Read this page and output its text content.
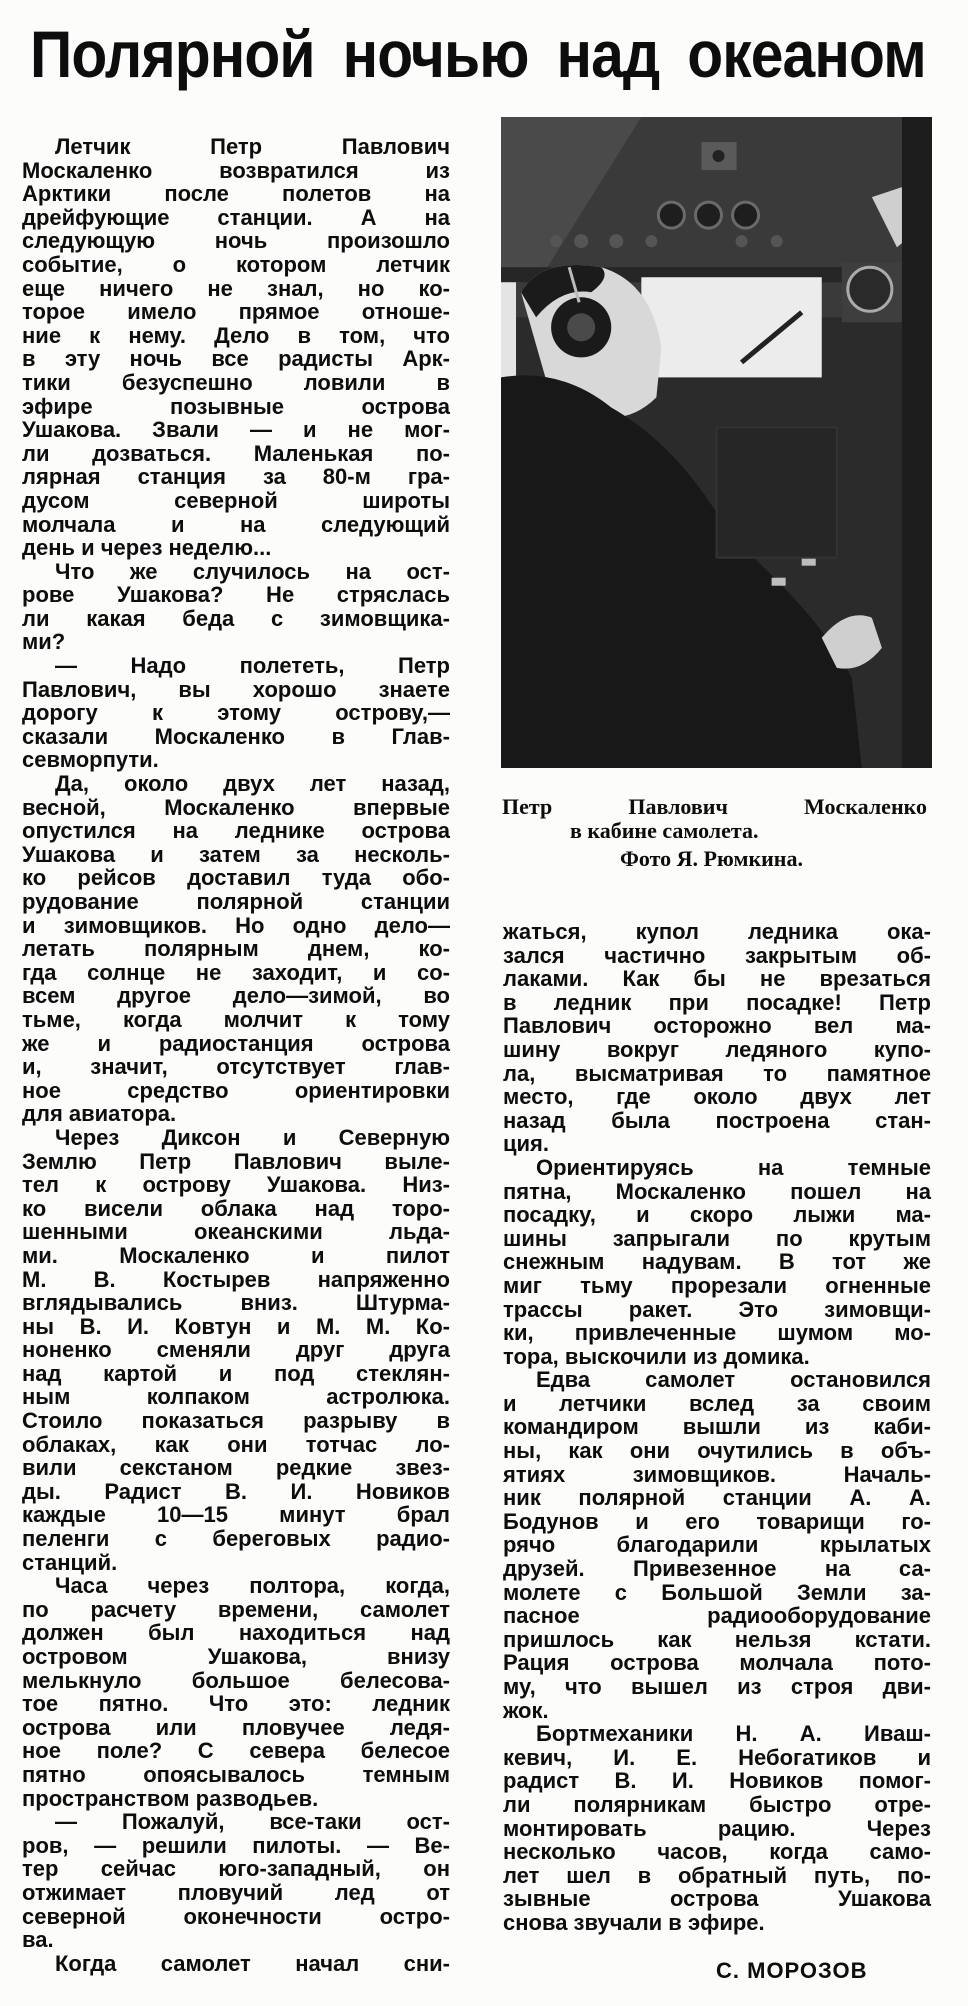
Полярной ночью над океаном
Летчик Петр Павлович
Москаленко возвратился из
Арктики после полетов на
дрейфующие станции. А на
следующую ночь произошло
событие, о котором летчик
еще ничего не знал, но ко-
торое имело прямое отноше-
ние к нему. Дело в том, что
в эту ночь все радисты Арк-
тики безуспешно ловили в
эфире позывные острова
Ушакова. Звали — и не мог-
ли дозваться. Маленькая по-
лярная станция за 80-м гра-
дусом северной широты
молчала и на следующий
день и через неделю...
Что же случилось на ост-
рове Ушакова? Не стряслась
ли какая беда с зимовщика-
ми?
— Надо полететь, Петр
Павлович, вы хорошо знаете
дорогу к этому острову,—
сказали Москаленко в Глав-
севморпути.
Да, около двух лет назад,
весной, Москаленко впервые
опустился на леднике острова
Ушакова и затем за несколь-
ко рейсов доставил туда обо-
рудование полярной станции
и зимовщиков. Но одно дело—
летать полярным днем, ко-
гда солнце не заходит, и со-
всем другое дело—зимой, во
тьме, когда молчит к тому
же и радиостанция острова
и, значит, отсутствует глав-
ное средство ориентировки
для авиатора.
Через Диксон и Северную
Землю Петр Павлович выле-
тел к острову Ушакова. Низ-
ко висели облака над торо-
шенными океанскими льда-
ми. Москаленко и пилот
М. В. Костырев напряженно
вглядывались вниз. Штурма-
ны В. И. Ковтун и М. М. Ко-
ноненко сменяли друг друга
над картой и под стеклян-
ным колпаком астролюка.
Стоило показаться разрыву в
облаках, как они тотчас ло-
вили секстаном редкие звез-
ды. Радист В. И. Новиков
каждые 10—15 минут брал
пеленги с береговых радио-
станций.
Часа через полтора, когда,
по расчету времени, самолет
должен был находиться над
островом Ушакова, внизу
мелькнуло большое белесова-
тое пятно. Что это: ледник
острова или пловучее ледя-
ное поле? С севера белесое
пятно опоясывалось темным
пространством разводьев.
— Пожалуй, все-таки ост-
ров, — решили пилоты. — Ве-
тер сейчас юго-западный, он
отжимает пловучий лед от
северной оконечности остро-
ва.
Когда самолет начал сни-
Петр Павлович Москаленко
в кабине самолета.
Фото Я. Рюмкина.
жаться, купол ледника ока-
зался частично закрытым об-
лаками. Как бы не врезаться
в ледник при посадке! Петр
Павлович осторожно вел ма-
шину вокруг ледяного купо-
ла, высматривая то памятное
место, где около двух лет
назад была построена стан-
ция.
Ориентируясь на темные
пятна, Москаленко пошел на
посадку, и скоро лыжи ма-
шины запрыгали по крутым
снежным надувам. В тот же
миг тьму прорезали огненные
трассы ракет. Это зимовщи-
ки, привлеченные шумом мо-
тора, выскочили из домика.
Едва самолет остановился
и летчики вслед за своим
командиром вышли из каби-
ны, как они очутились в объ-
ятиях зимовщиков. Началь-
ник полярной станции А. А.
Бодунов и его товарищи го-
рячо благодарили крылатых
друзей. Привезенное на са-
молете с Большой Земли за-
пасное радиооборудование
пришлось как нельзя кстати.
Рация острова молчала пото-
му, что вышел из строя дви-
жок.
Бортмеханики Н. А. Иваш-
кевич, И. Е. Небогатиков и
радист В. И. Новиков помог-
ли полярникам быстро отре-
монтировать рацию. Через
несколько часов, когда само-
лет шел в обратный путь, по-
зывные острова Ушакова
снова звучали в эфире.
С. МОРОЗОВ
